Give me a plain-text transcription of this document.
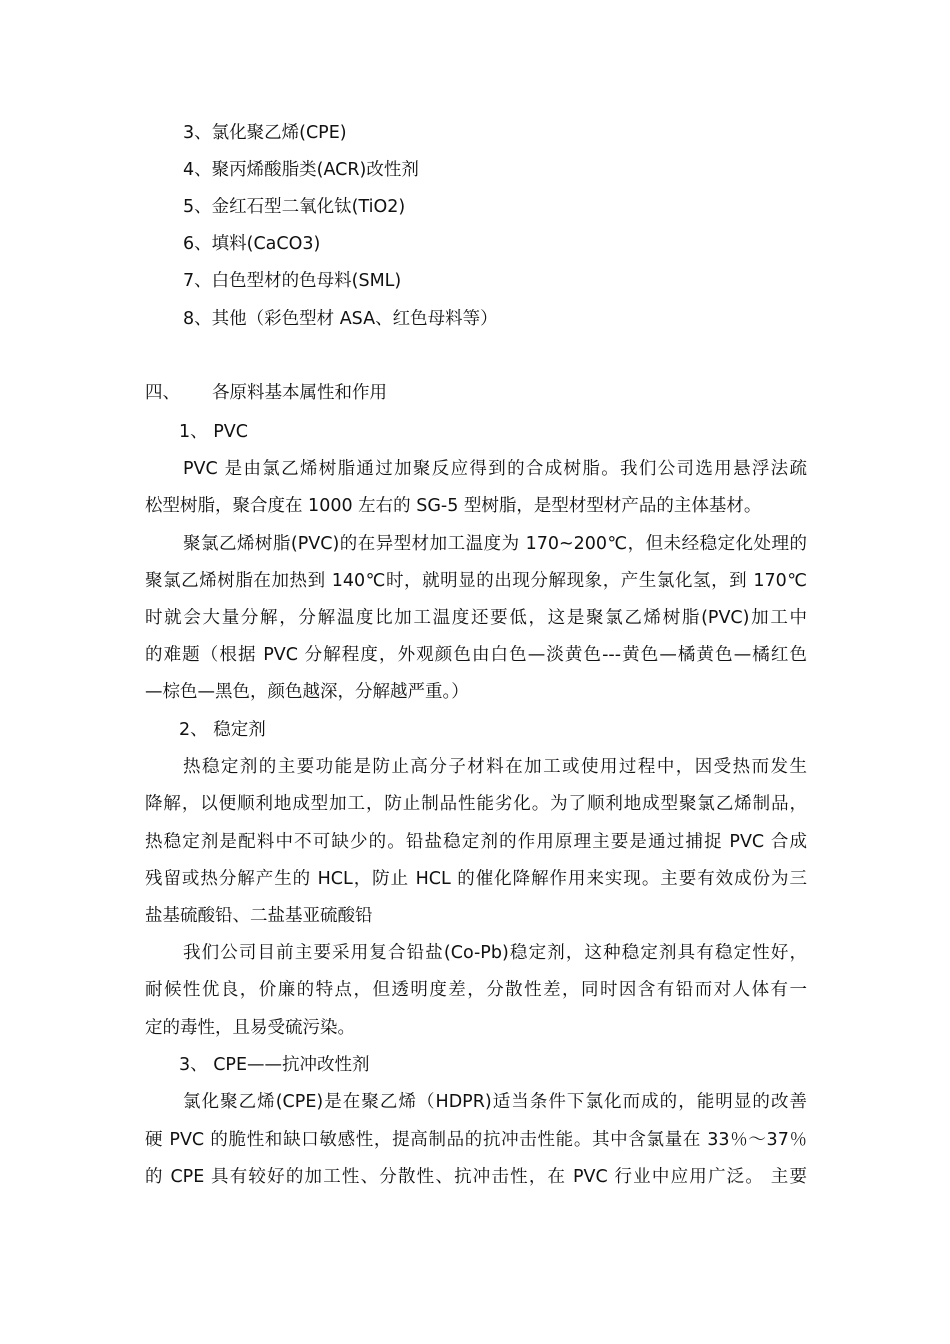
3、氯化聚乙烯(CPE)
4、聚丙烯酸脂类(ACR)改性剂
5、金红石型二氧化钛(TiO2)
6、填料(CaCO3)
7、白色型材的色母料(SML)
8、其他（彩色型材 ASA、红色母料等）
四、 各原料基本属性和作用
1、 PVC
PVC 是由氯乙烯树脂通过加聚反应得到的合成树脂。我们公司选用悬浮法疏
松型树脂，聚合度在 1000 左右的 SG-5 型树脂，是型材型材产品的主体基材。
聚氯乙烯树脂(PVC)的在异型材加工温度为 170~200℃，但未经稳定化处理的
聚氯乙烯树脂在加热到 140℃时，就明显的出现分解现象，产生氯化氢，到 170℃
时就会大量分解，分解温度比加工温度还要低，这是聚氯乙烯树脂(PVC)加工中
的难题（根据 PVC 分解程度，外观颜色由白色—淡黄色---黄色—橘黄色—橘红色
—棕色—黑色，颜色越深，分解越严重。）
2、 稳定剂
热稳定剂的主要功能是防止高分子材料在加工或使用过程中，因受热而发生
降解，以便顺利地成型加工，防止制品性能劣化。为了顺利地成型聚氯乙烯制品，
热稳定剂是配料中不可缺少的。铅盐稳定剂的作用原理主要是通过捕捉 PVC 合成
残留或热分解产生的 HCL，防止 HCL 的催化降解作用来实现。主要有效成份为三
盐基硫酸铅、二盐基亚硫酸铅
我们公司目前主要采用复合铅盐(Co-Pb)稳定剂，这种稳定剂具有稳定性好，
耐候性优良，价廉的特点，但透明度差，分散性差，同时因含有铅而对人体有一
定的毒性，且易受硫污染。
3、 CPE——抗冲改性剂
氯化聚乙烯(CPE)是在聚乙烯（HDPR)适当条件下氯化而成的，能明显的改善
硬 PVC 的脆性和缺口敏感性，提高制品的抗冲击性能。其中含氯量在 33％～37％
的 CPE 具有较好的加工性、分散性、抗冲击性，在 PVC 行业中应用广泛。 主要
